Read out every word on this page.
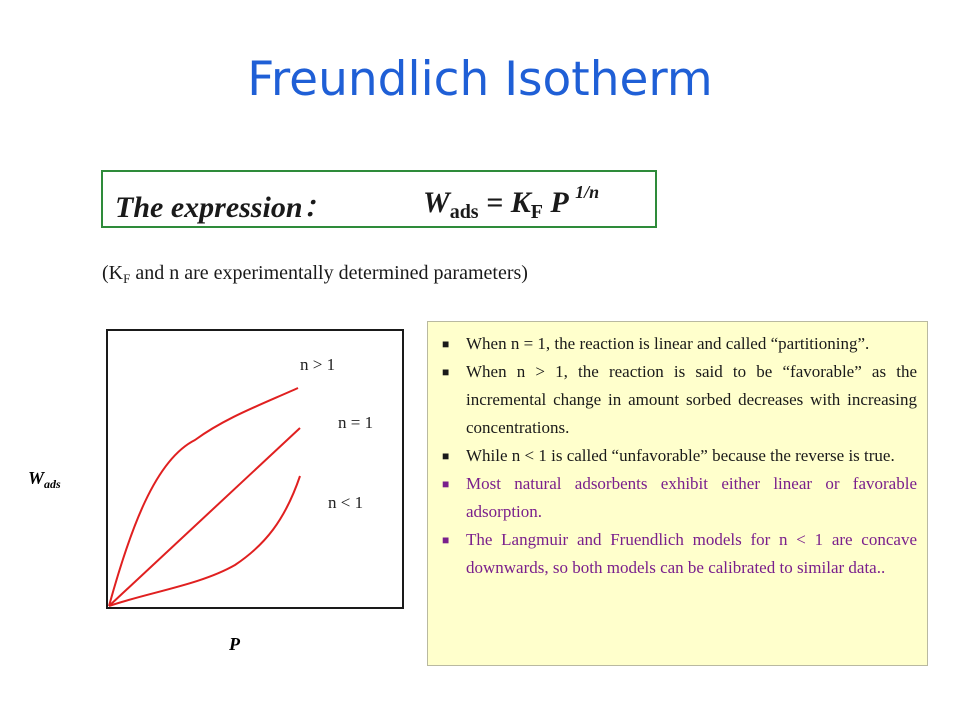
Freundlich Isotherm
The expression：	$W_{ads} = K_F$ P $^{1/n}$
($K_F$ and n are experimentally determined parameters)
n > 1
n = 1
n < 1
$W_{ads}$
P
■ When n = 1, the reaction is linear and called “partitioning”.
■ When n > 1, the reaction is said to be “favorable” as the incremental change in amount sorbed decreases with increasing concentrations.
■ While n < 1 is called “unfavorable” because the reverse is true.
■ Most natural adsorbents exhibit either linear or favorable adsorption.
■ The Langmuir and Fruendlich models for n < 1 are concave downwards, so both models can be calibrated to similar data..
